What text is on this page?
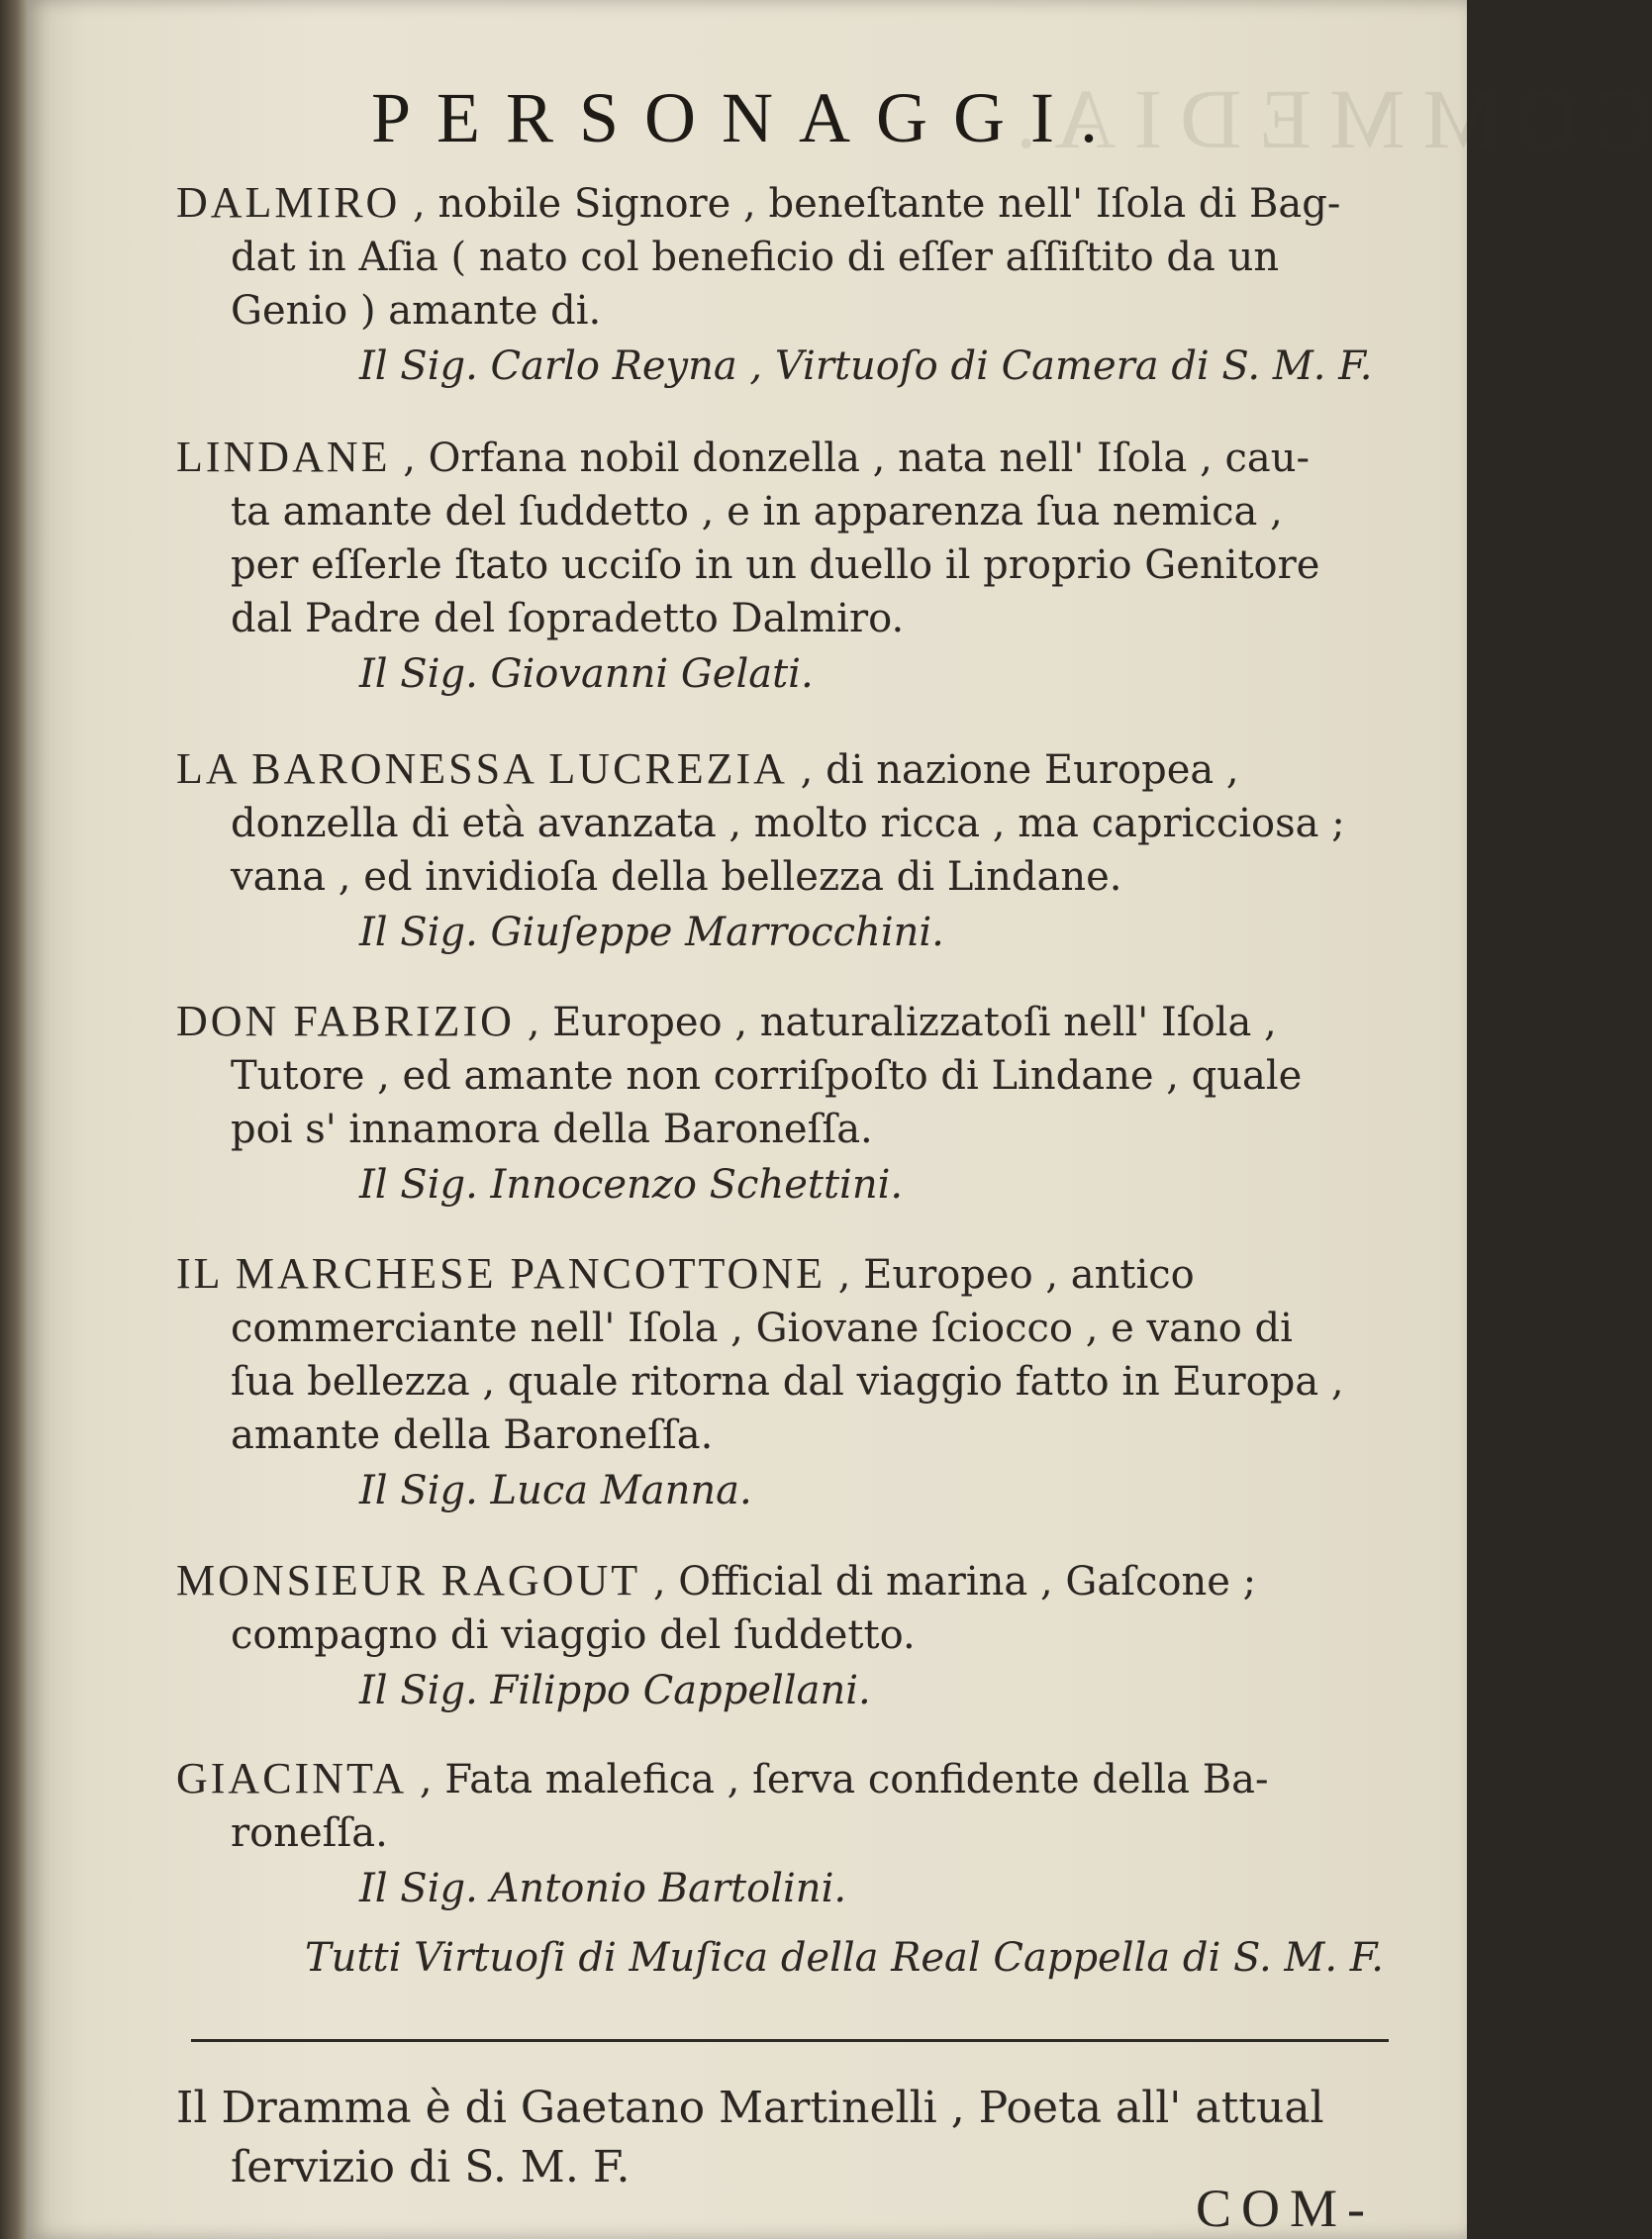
COMMEDIA.
PERSONAGGI.
DALMIRO , nobile Signore , beneſtante nell' Iſola di Bag-
dat in Aſia ( nato col beneficio di eſſer aſſiſtito da un
Genio ) amante di.
Il Sig. Carlo Reyna , Virtuoſo di Camera di S. M. F.
LINDANE , Orfana nobil donzella , nata nell' Iſola , cau-
ta amante del ſuddetto , e in apparenza ſua nemica ,
per eſſerle ſtato ucciſo in un duello il proprio Genitore
dal Padre del ſopradetto Dalmiro.
Il Sig. Giovanni Gelati.
LA BARONESSA LUCREZIA , di nazione Europea ,
donzella di età avanzata , molto ricca , ma capricciosa ;
vana , ed invidioſa della bellezza di Lindane.
Il Sig. Giuſeppe Marrocchini.
DON FABRIZIO , Europeo , naturalizzatoſi nell' Iſola ,
Tutore , ed amante non corriſpoſto di Lindane , quale
poi s' innamora della Baroneſſa.
Il Sig. Innocenzo Schettini.
IL MARCHESE PANCOTTONE , Europeo , antico
commerciante nell' Iſola , Giovane ſciocco , e vano di
ſua bellezza , quale ritorna dal viaggio fatto in Europa ,
amante della Baroneſſa.
Il Sig. Luca Manna.
MONSIEUR RAGOUT , Official di marina , Gaſcone ;
compagno di viaggio del ſuddetto.
Il Sig. Filippo Cappellani.
GIACINTA , Fata malefica , ſerva confidente della Ba-
roneſſa.
Il Sig. Antonio Bartolini.
Tutti Virtuoſi di Muſica della Real Cappella di S. M. F.
Il Dramma è di Gaetano Martinelli , Poeta all' attual
ſervizio di S. M. F.
COM-
